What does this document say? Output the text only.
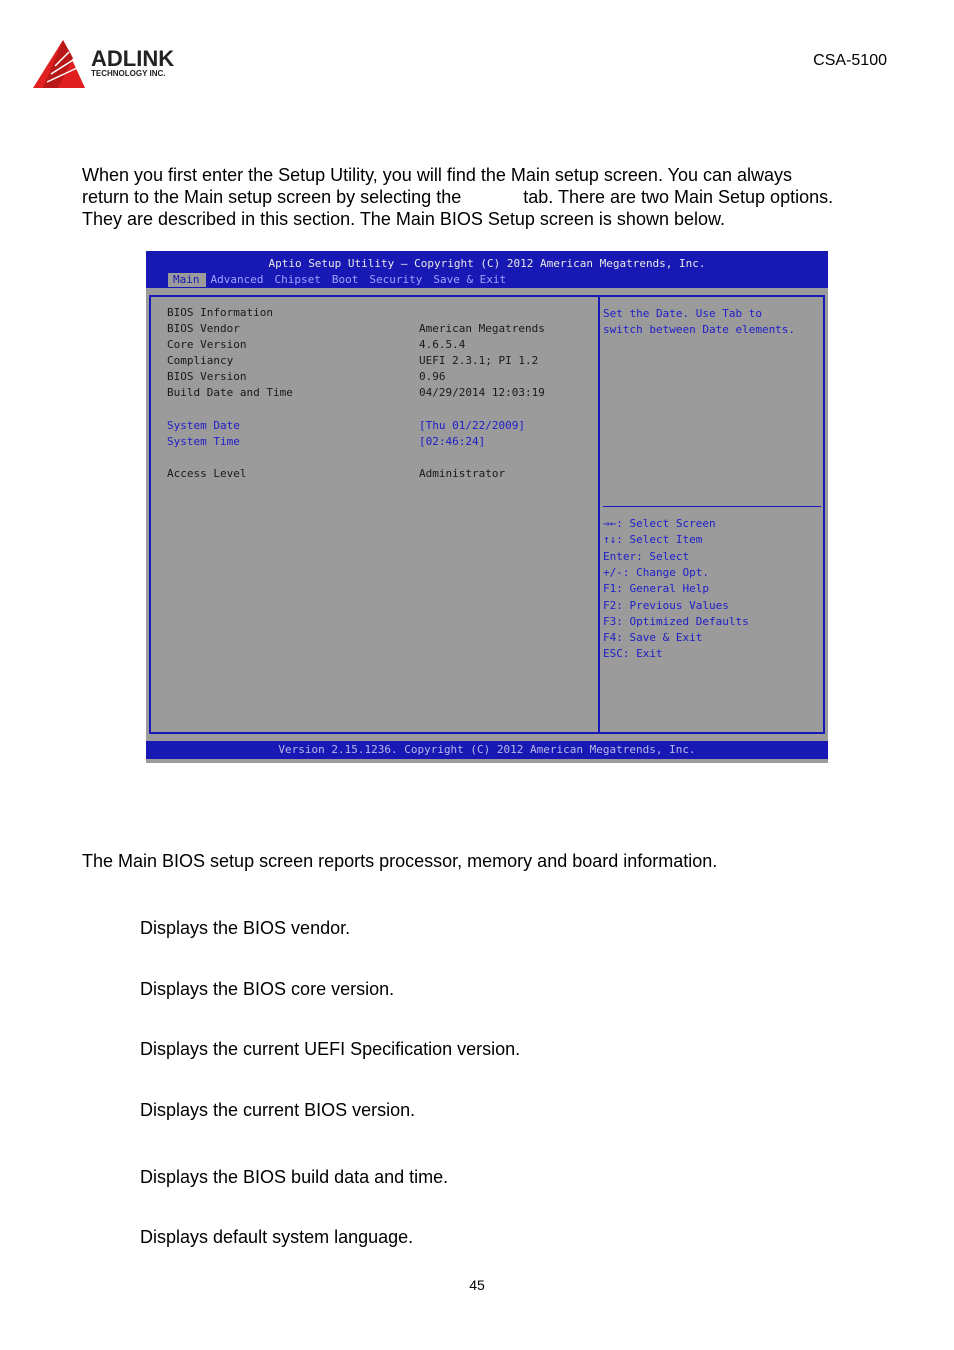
ADLINK
TECHNOLOGY INC.
CSA-5100
When you first enter the Setup Utility, you will find the Main setup screen. You can always
return to the Main setup screen by selecting the	tab. There are two Main Setup options.
They are described in this section. The Main BIOS Setup screen is shown below.
Aptio Setup Utility – Copyright (C) 2012 American Megatrends, Inc.
Main	Advanced	Chipset	Boot	Security	Save & Exit
BIOS Information
BIOS Vendor	American Megatrends
Core Version	4.6.5.4
Compliancy	UEFI 2.3.1; PI 1.2
BIOS Version	0.96
Build Date and Time	04/29/2014 12:03:19
System Date	[Thu 01/22/2009]
System Time	[02:46:24]
Access Level	Administrator
Set the Date. Use Tab to
switch between Date elements.
→←: Select Screen
↑↓: Select Item
Enter: Select
+/-: Change Opt.
F1: General Help
F2: Previous Values
F3: Optimized Defaults
F4: Save & Exit
ESC: Exit
Version 2.15.1236. Copyright (C) 2012 American Megatrends, Inc.
The Main BIOS setup screen reports processor, memory and board information.
Displays the BIOS vendor.
Displays the BIOS core version.
Displays the current UEFI Specification version.
Displays the current BIOS version.
Displays the BIOS build data and time.
Displays default system language.
45
